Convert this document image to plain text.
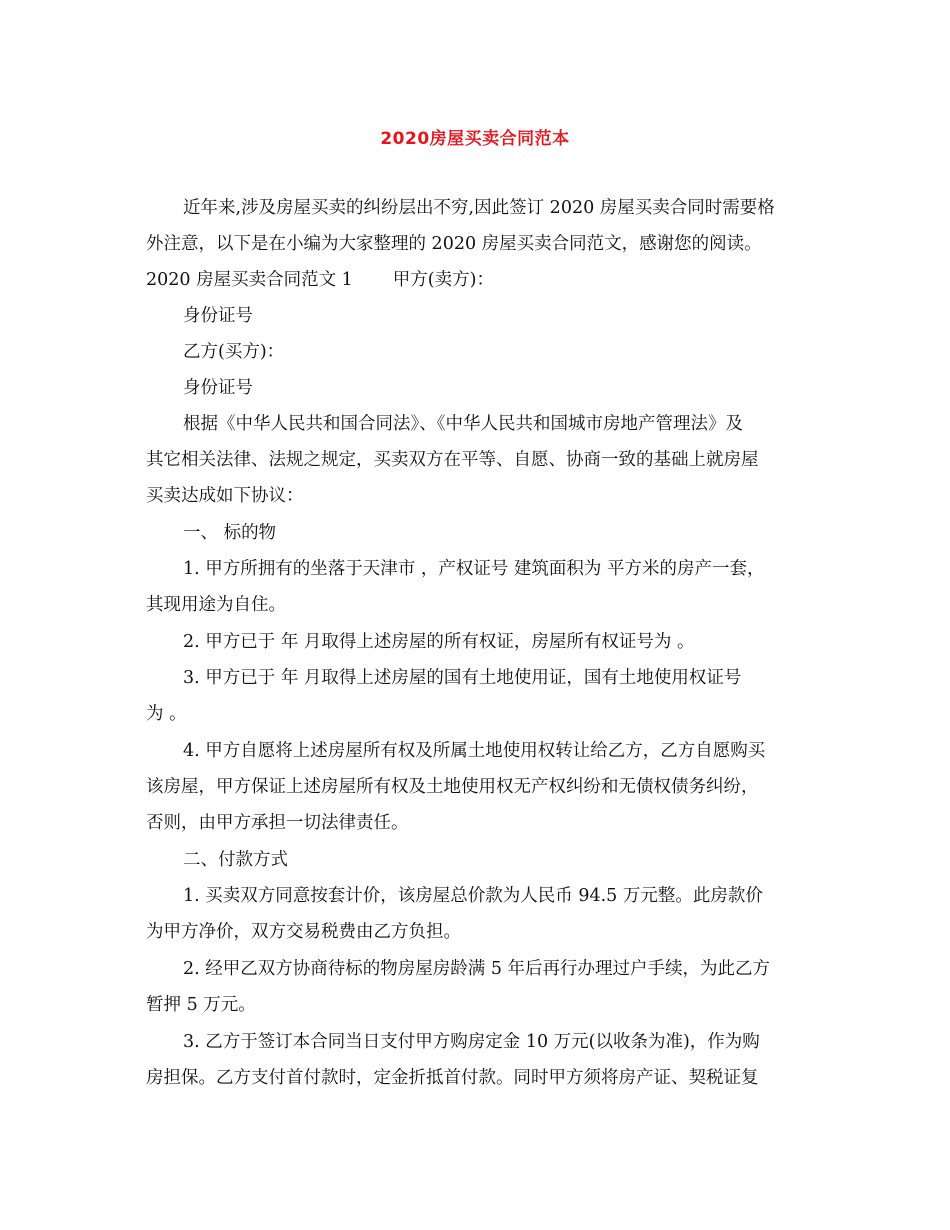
2020房屋买卖合同范本
近年来,涉及房屋买卖的纠纷层出不穷,因此签订 2020 房屋买卖合同时需要格
外注意，以下是在小编为大家整理的 2020 房屋买卖合同范文，感谢您的阅读。
2020 房屋买卖合同范文 1 甲方(卖方)：
身份证号
乙方(买方)：
身份证号
根据《中华人民共和国合同法》、《中华人民共和国城市房地产管理法》及
其它相关法律、法规之规定，买卖双方在平等、自愿、协商一致的基础上就房屋
买卖达成如下协议：
一、 标的物
1. 甲方所拥有的坐落于天津市 ，产权证号 建筑面积为 平方米的房产一套，
其现用途为自住。
2. 甲方已于 年 月取得上述房屋的所有权证，房屋所有权证号为 。
3. 甲方已于 年 月取得上述房屋的国有土地使用证，国有土地使用权证号
为 。
4. 甲方自愿将上述房屋所有权及所属土地使用权转让给乙方，乙方自愿购买
该房屋，甲方保证上述房屋所有权及土地使用权无产权纠纷和无债权债务纠纷，
否则，由甲方承担一切法律责任。
二、付款方式
1. 买卖双方同意按套计价，该房屋总价款为人民币 94.5 万元整。此房款价
为甲方净价，双方交易税费由乙方负担。
2. 经甲乙双方协商待标的物房屋房龄满 5 年后再行办理过户手续，为此乙方
暂押 5 万元。
3. 乙方于签订本合同当日支付甲方购房定金 10 万元(以收条为准)，作为购
房担保。乙方支付首付款时，定金折抵首付款。同时甲方须将房产证、契税证复
